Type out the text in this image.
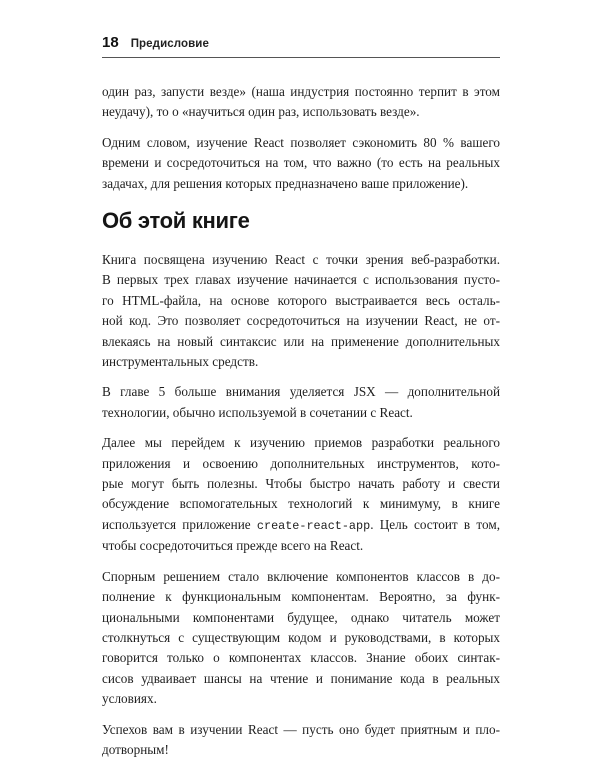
18 Предисловие

один раз, запусти везде» (наша индустрия постоянно терпит в этом
неудачу), то о «научиться один раз, использовать везде».

Одним словом, изучение React позволяет сэкономить 80 % вашего
времени и сосредоточиться на том, что важно (то есть на реальных
задачах, для решения которых предназначено ваше приложение).

Об этой книге

Книга посвящена изучению React с точки зрения веб-разработки.
В первых трех главах изучение начинается с использования пусто-
го HTML-файла, на основе которого выстраивается весь осталь-
ной код. Это позволяет сосредоточиться на изучении React, не от-
влекаясь на новый синтаксис или на применение дополнительных
инструментальных средств.

В главе 5 больше внимания уделяется JSX — дополнительной
технологии, обычно используемой в сочетании с React.

Далее мы перейдем к изучению приемов разработки реального
приложения и освоению дополнительных инструментов, кото-
рые могут быть полезны. Чтобы быстро начать работу и свести
обсуждение вспомогательных технологий к минимуму, в книге
используется приложение create-react-app. Цель состоит в том,
чтобы сосредоточиться прежде всего на React.

Спорным решением стало включение компонентов классов в до-
полнение к функциональным компонентам. Вероятно, за функ-
циональными компонентами будущее, однако читатель может
столкнуться с существующим кодом и руководствами, в которых
говорится только о компонентах классов. Знание обоих синтак-
сисов удваивает шансы на чтение и понимание кода в реальных
условиях.

Успехов вам в изучении React — пусть оно будет приятным и пло-
дотворным!
